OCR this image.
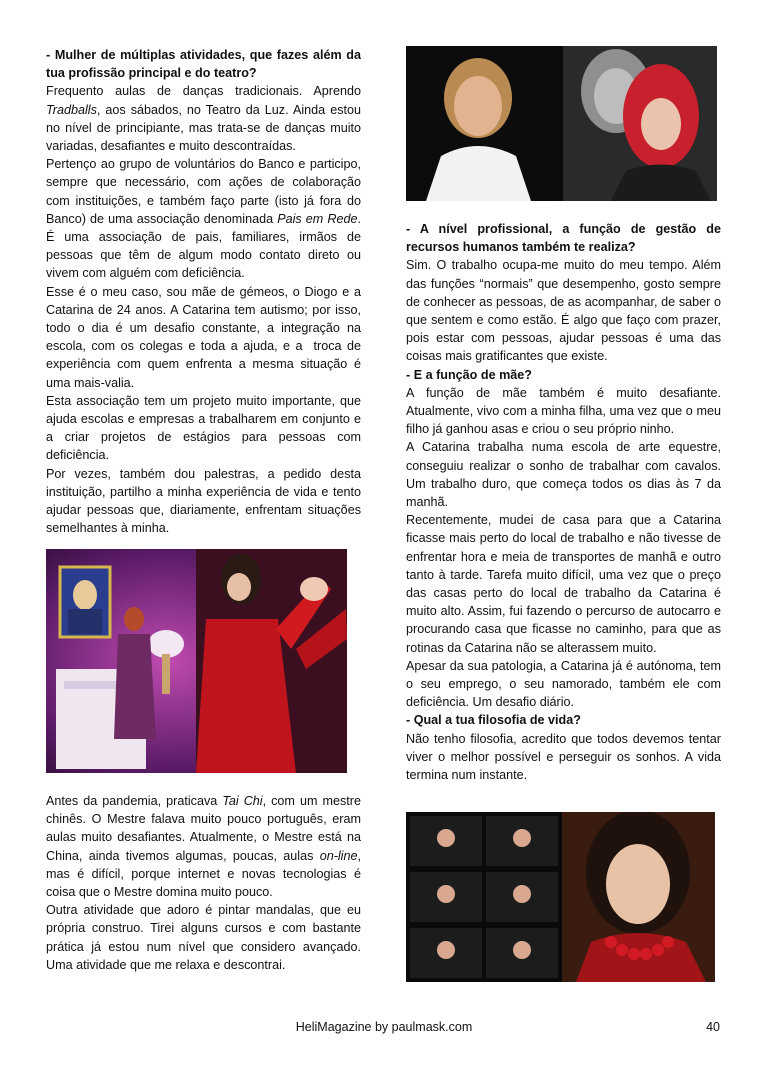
- Mulher de múltiplas atividades, que fazes além da tua profissão principal e do teatro?

Frequento aulas de danças tradicionais. Aprendo Tradballs, aos sábados, no Teatro da Luz. Ainda estou no nível de principiante, mas trata-se de danças muito variadas, desafiantes e muito descontraídas.

Pertenço ao grupo de voluntários do Banco e participo, sempre que necessário, com ações de colaboração com instituições, e também faço parte (isto já fora do Banco) de uma associação denominada Pais em Rede. É uma associação de pais, familiares, irmãos de pessoas que têm de algum modo contato direto ou vivem com alguém com deficiência.

Esse é o meu caso, sou mãe de gémeos, o Diogo e a Catarina de 24 anos. A Catarina tem autismo; por isso, todo o dia é um desafio constante, a integração na escola, com os colegas e toda a ajuda, e a  troca de experiência com quem enfrenta a mesma situação é uma mais-valia.

Esta associação tem um projeto muito importante, que ajuda escolas e empresas a trabalharem em conjunto e a criar projetos de estágios para pessoas com deficiência.

Por vezes, também dou palestras, a pedido desta instituição, partilho a minha experiência de vida e tento ajudar pessoas que, diariamente, enfrentam situações semelhantes à minha.

Antes da pandemia, praticava Tai Chi, com um mestre chinês. O Mestre falava muito pouco português, eram aulas muito desafiantes. Atualmente, o Mestre está na China, ainda tivemos algumas, poucas, aulas on-line, mas é difícil, porque internet e novas tecnologias é coisa que o Mestre domina muito pouco.

Outra atividade que adoro é pintar mandalas, que eu própria construo. Tirei alguns cursos e com bastante prática já estou num nível que considero avançado. Uma atividade que me relaxa e descontrai.

- A nível profissional, a função de gestão de recursos humanos também te realiza?

Sim. O trabalho ocupa-me muito do meu tempo. Além das funções “normais” que desempenho, gosto sempre de conhecer as pessoas, de as acompanhar, de saber o que sentem e como estão. É algo que faço com prazer, pois estar com pessoas, ajudar pessoas é uma das coisas mais gratificantes que existe.

- E a função de mãe?

A função de mãe também é muito desafiante. Atualmente, vivo com a minha filha, uma vez que o meu filho já ganhou asas e criou o seu próprio ninho.

A Catarina trabalha numa escola de arte equestre, conseguiu realizar o sonho de trabalhar com cavalos. Um trabalho duro, que começa todos os dias às 7 da manhã.

Recentemente, mudei de casa para que a Catarina ficasse mais perto do local de trabalho e não tivesse de enfrentar hora e meia de transportes de manhã e outro tanto à tarde. Tarefa muito difícil, uma vez que o preço das casas perto do local de trabalho da Catarina é muito alto. Assim, fui fazendo o percurso de autocarro e procurando casa que ficasse no caminho, para que as rotinas da Catarina não se alterassem muito.

Apesar da sua patologia, a Catarina já é autónoma, tem o seu emprego, o seu namorado, também ele com deficiência. Um desafio diário.

- Qual a tua filosofia de vida?

Não tenho filosofia, acredito que todos devemos tentar viver o melhor possível e perseguir os sonhos. A vida termina num instante.

HeliMagazine by paulmask.com	40
